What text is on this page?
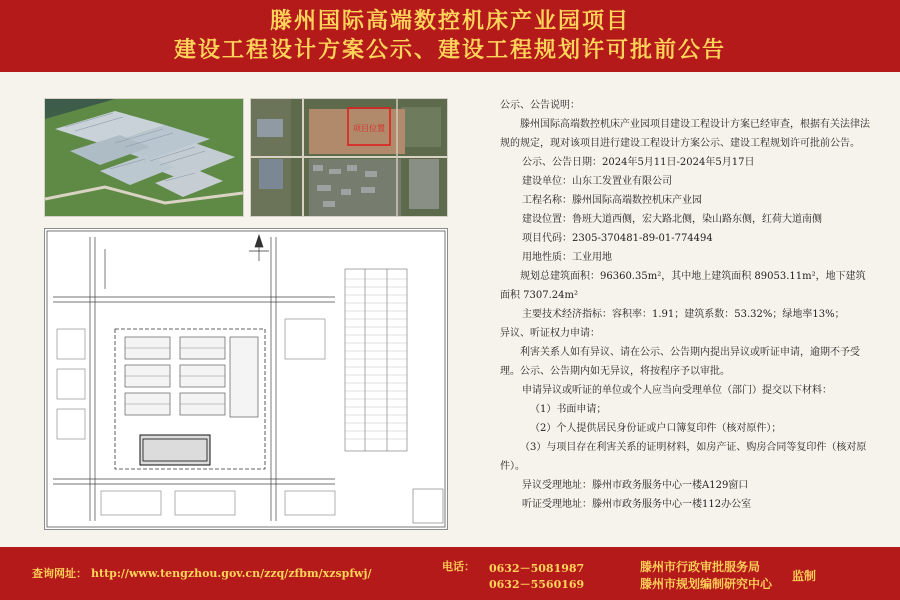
滕州国际高端数控机床产业园项目
建设工程设计方案公示、建设工程规划许可批前公告
项目位置

公示、公告说明：

滕州国际高端数控机床产业园项目建设工程设计方案已经审查，根据有关法律法规的规定，现对该项目进行建设工程设计方案公示、建设工程规划许可批前公告。

公示、公告日期：2024年5月11日-2024年5月17日

建设单位：山东工发置业有限公司

工程名称：滕州国际高端数控机床产业园

建设位置：鲁班大道西侧，宏大路北侧，染山路东侧，红荷大道南侧

项目代码：2305-370481-89-01-774494

用地性质：工业用地

规划总建筑面积：96360.35m²，其中地上建筑面积 89053.11m²，地下建筑面积 7307.24m²

主要技术经济指标：容积率：1.91；建筑系数：53.32%；绿地率13%；

异议、听证权力申请：

利害关系人如有异议、请在公示、公告期内提出异议或听证申请，逾期不予受理。公示、公告期内如无异议，将按程序予以审批。

申请异议或听证的单位或个人应当向受理单位（部门）提交以下材料：

（1）书面申请；

（2）个人提供居民身份证或户口簿复印件（核对原件）；

（3）与项目存在利害关系的证明材料，如房产证、购房合同等复印件（核对原件）。

异议受理地址：滕州市政务服务中心一楼A129窗口

听证受理地址：滕州市政务服务中心一楼112办公室

查询网址： http://www.tengzhou.gov.cn/zzq/zfbm/xzspfwj/
电话： 0632－5081987
0632－5560169
滕州市行政审批服务局
滕州市规划编制研究中心
监制
